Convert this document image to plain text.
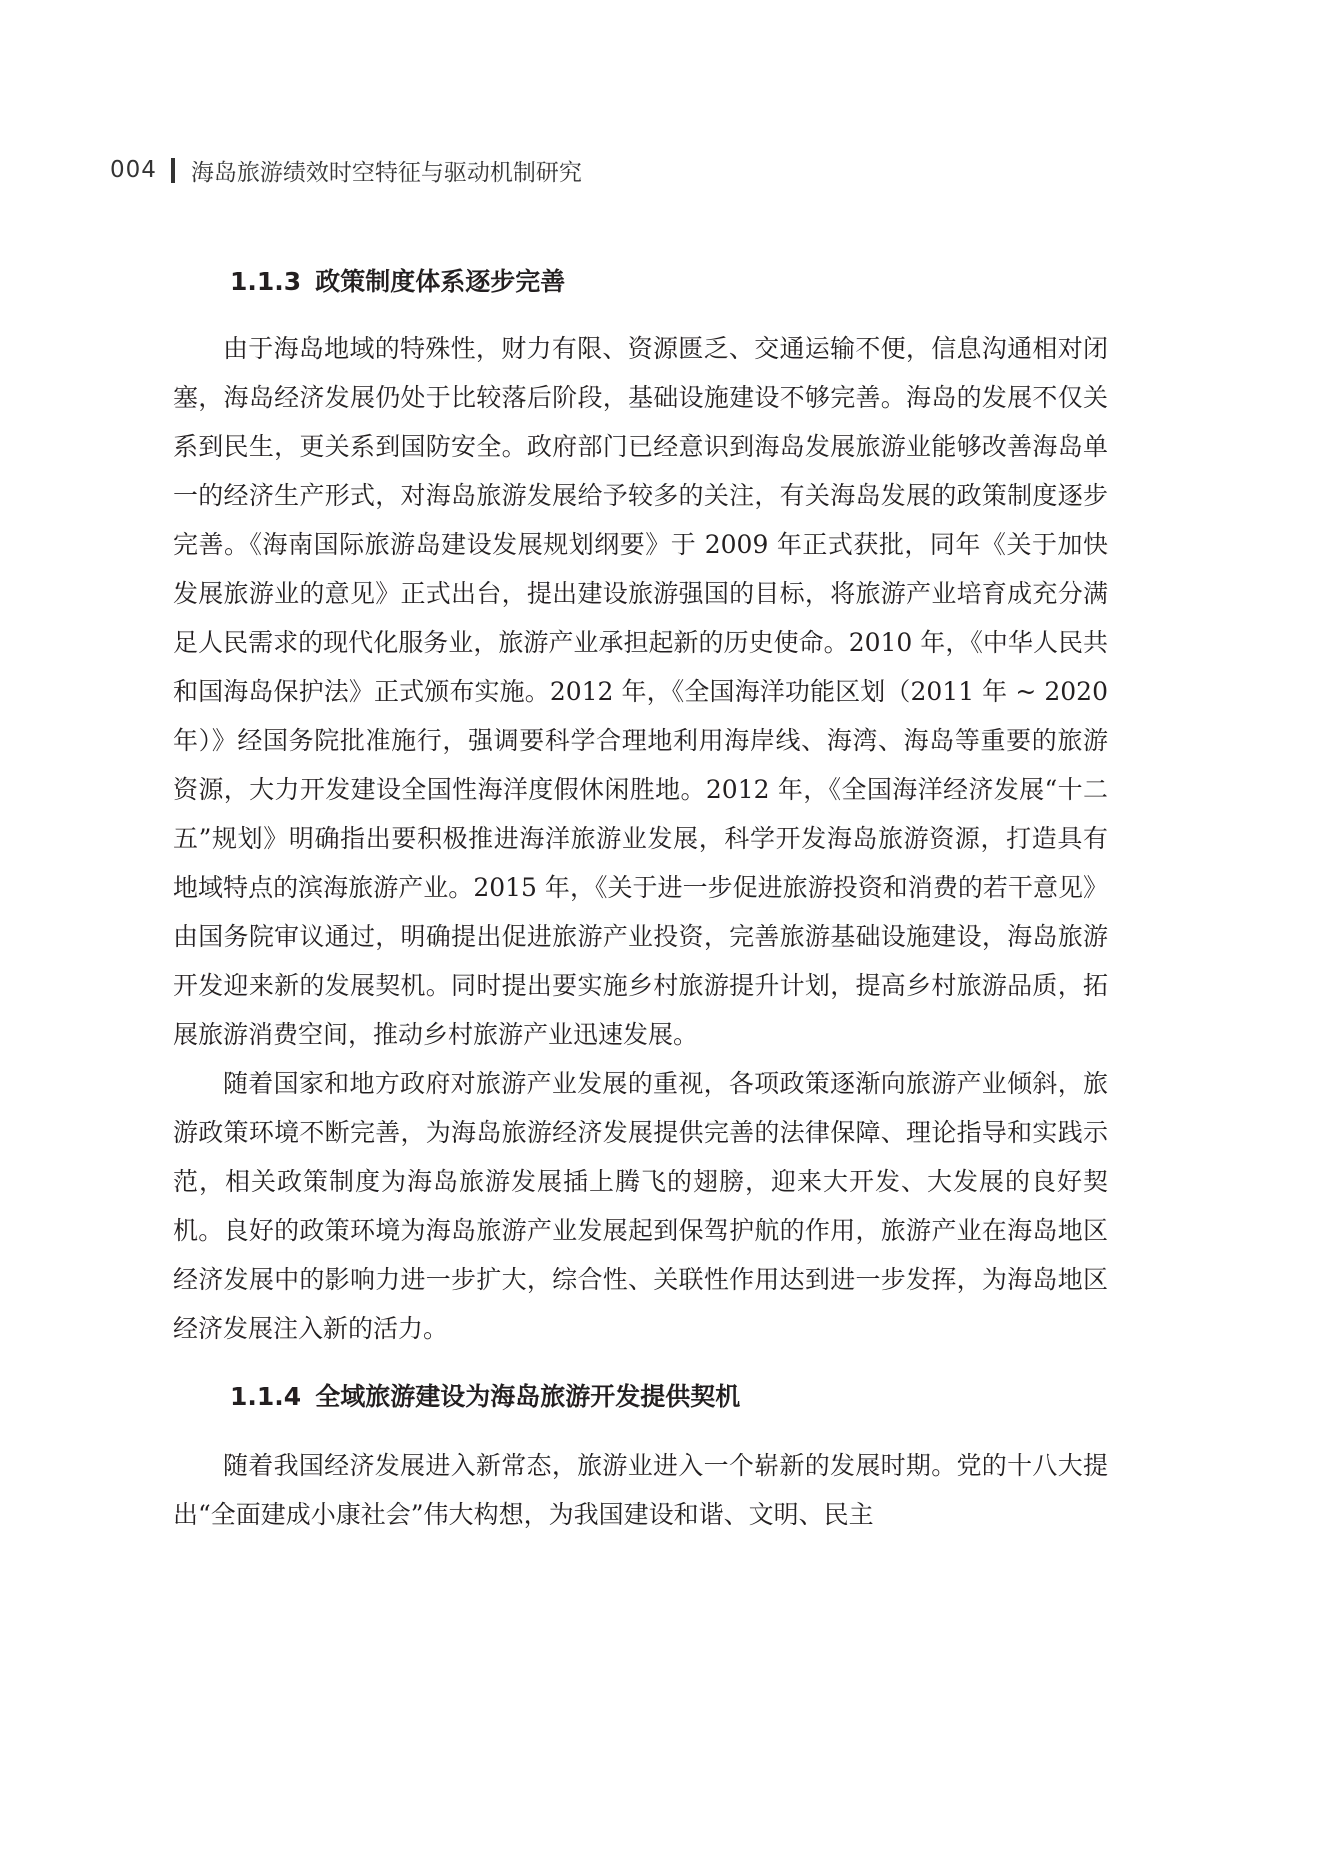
004 海岛旅游绩效时空特征与驱动机制研究
1.1.3 政策制度体系逐步完善

由于海岛地域的特殊性，财力有限、资源匮乏、交通运输不便，信息沟通相对闭塞，海岛经济发展仍处于比较落后阶段，基础设施建设不够完善。海岛的发展不仅关系到民生，更关系到国防安全。政府部门已经意识到海岛发展旅游业能够改善海岛单一的经济生产形式，对海岛旅游发展给予较多的关注，有关海岛发展的政策制度逐步完善。《海南国际旅游岛建设发展规划纲要》于 2009 年正式获批，同年《关于加快发展旅游业的意见》正式出台，提出建设旅游强国的目标，将旅游产业培育成充分满足人民需求的现代化服务业，旅游产业承担起新的历史使命。2010 年，《中华人民共和国海岛保护法》正式颁布实施。2012 年，《全国海洋功能区划（2011 年 ~ 2020 年）》经国务院批准施行，强调要科学合理地利用海岸线、海湾、海岛等重要的旅游资源，大力开发建设全国性海洋度假休闲胜地。2012 年，《全国海洋经济发展“十二五”规划》明确指出要积极推进海洋旅游业发展，科学开发海岛旅游资源，打造具有地域特点的滨海旅游产业。2015 年，《关于进一步促进旅游投资和消费的若干意见》由国务院审议通过，明确提出促进旅游产业投资，完善旅游基础设施建设，海岛旅游开发迎来新的发展契机。同时提出要实施乡村旅游提升计划，提高乡村旅游品质，拓展旅游消费空间，推动乡村旅游产业迅速发展。

随着国家和地方政府对旅游产业发展的重视，各项政策逐渐向旅游产业倾斜，旅游政策环境不断完善，为海岛旅游经济发展提供完善的法律保障、理论指导和实践示范，相关政策制度为海岛旅游发展插上腾飞的翅膀，迎来大开发、大发展的良好契机。良好的政策环境为海岛旅游产业发展起到保驾护航的作用，旅游产业在海岛地区经济发展中的影响力进一步扩大，综合性、关联性作用达到进一步发挥，为海岛地区经济发展注入新的活力。

1.1.4 全域旅游建设为海岛旅游开发提供契机

随着我国经济发展进入新常态，旅游业进入一个崭新的发展时期。党的十八大提出“全面建成小康社会”伟大构想，为我国建设和谐、文明、民主
